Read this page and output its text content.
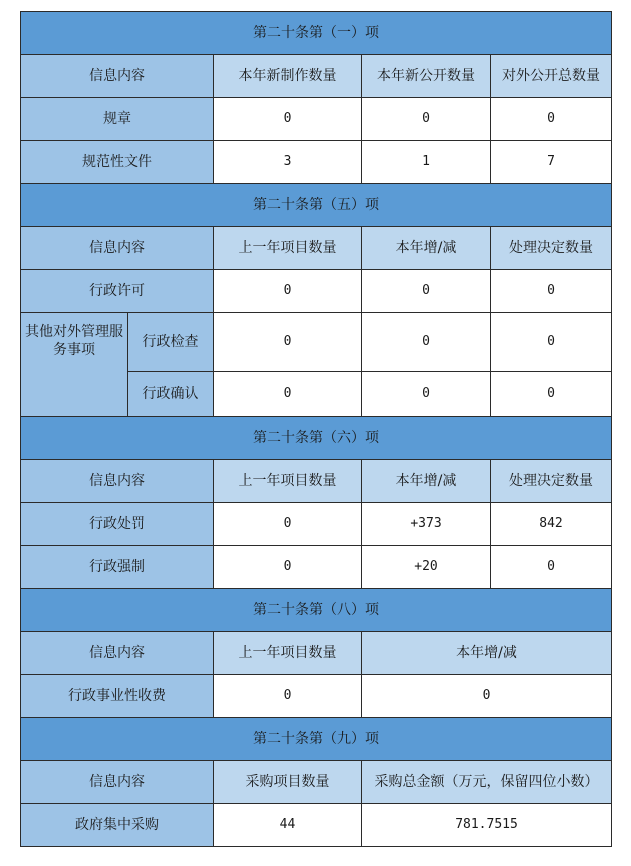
第二十条第（一）项				
信息内容		本年新制作数量	本年新公开数量	对外公开总数量
规章		0	0	0
规范性文件		3	1	7
第二十条第（五）项				
信息内容		上一年项目数量	本年增/减	处理决定数量
行政许可		0	0	0
其他对外管理服务事项	行政检查	0	0	0
	行政确认	0	0	0
第二十条第（六）项				
信息内容		上一年项目数量	本年增/减	处理决定数量
行政处罚		0	+373	842
行政强制		0	+20	0
第二十条第（八）项				
信息内容		上一年项目数量	本年增/减	
行政事业性收费		0	0	
第二十条第（九）项				
信息内容		采购项目数量	采购总金额（万元，保留四位小数）	
政府集中采购		44	781.7515	
